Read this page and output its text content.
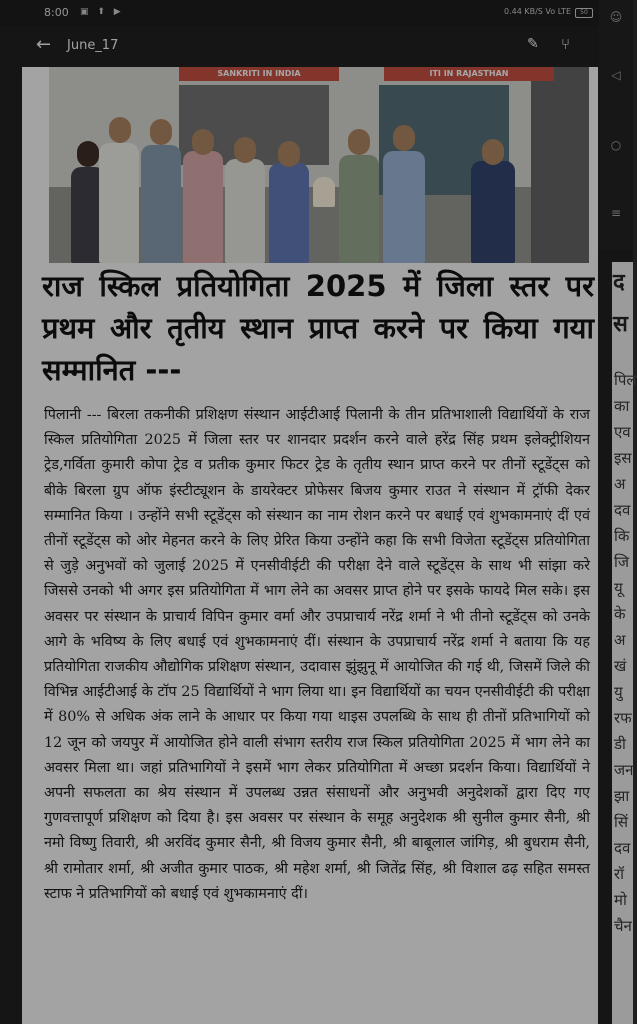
8:00 ▣ ⬆ ▶	0.44 KB/S Vo LTE	50
← June_17	✎ ⑂
☺
◁
○
≡
SANKRITI IN INDIA	ITI IN RAJASTHAN
राज स्किल प्रतियोगिता 2025 में जिला स्तर पर प्रथम और तृतीय स्थान प्राप्त करने पर किया गया सम्मानित ---

पिलानी --- बिरला तकनीकी प्रशिक्षण संस्थान आईटीआई पिलानी के तीन प्रतिभाशाली विद्यार्थियों के राज स्किल प्रतियोगिता 2025 में जिला स्तर पर शानदार प्रदर्शन करने वाले हरेंद्र सिंह प्रथम इलेक्ट्रीशियन ट्रेड,गर्विता कुमारी कोपा ट्रेड व प्रतीक कुमार फिटर ट्रेड के तृतीय स्थान प्राप्त करने पर तीनों स्टूडेंट्स को बीके बिरला ग्रुप ऑफ इंस्टीट्यूशन के डायरेक्टर प्रोफेसर बिजय कुमार राउत ने संस्थान में ट्रॉफी देकर सम्मानित किया । उन्होंने सभी स्टूडेंट्स को संस्थान का नाम रोशन करने पर बधाई एवं शुभकामनाएं दीं एवं तीनों स्टूडेंट्स को ओर मेहनत करने के लिए प्रेरित किया उन्होंने कहा कि सभी विजेता स्टूडेंट्स प्रतियोगिता से जुड़े अनुभवों को जुलाई 2025 में एनसीवीईटी की परीक्षा देने वाले स्टूडेंट्स के साथ भी सांझा करे जिससे उनको भी अगर इस प्रतियोगिता में भाग लेने का अवसर प्राप्त होने पर इसके फायदे मिल सके। इस अवसर पर संस्थान के प्राचार्य विपिन कुमार वर्मा और उपप्राचार्य नरेंद्र शर्मा ने भी तीनो स्टूडेंट्स को उनके आगे के भविष्य के लिए बधाई एवं शुभकामनाएं दीं। संस्थान के उपप्राचार्य नरेंद्र शर्मा ने बताया कि यह प्रतियोगिता राजकीय औद्योगिक प्रशिक्षण संस्थान, उदावास झुंझुनू में आयोजित की गई थी, जिसमें जिले की विभिन्न आईटीआई के टॉप 25 विद्यार्थियों ने भाग लिया था। इन विद्यार्थियों का चयन एनसीवीईटी की परीक्षा में 80% से अधिक अंक लाने के आधार पर किया गया थाइस उपलब्धि के साथ ही तीनों प्रतिभागियों को 12 जून को जयपुर में आयोजित होने वाली संभाग स्तरीय राज स्किल प्रतियोगिता 2025 में भाग लेने का अवसर मिला था। जहां प्रतिभागियों ने इसमें भाग लेकर प्रतियोगिता में अच्छा प्रदर्शन किया। विद्यार्थियों ने अपनी सफलता का श्रेय संस्थान में उपलब्ध उन्नत संसाधनों और अनुभवी अनुदेशकों द्वारा दिए गए गुणवत्तापूर्ण प्रशिक्षण को दिया है। इस अवसर पर संस्थान के समूह अनुदेशक श्री सुनील कुमार सैनी, श्री नमो विष्णु तिवारी, श्री अरविंद कुमार सैनी, श्री विजय कुमार सैनी, श्री बाबूलाल जांगिड़, श्री बुधराम सैनी, श्री रामोतार शर्मा, श्री अजीत कुमार पाठक, श्री महेश शर्मा, श्री जितेंद्र सिंह, श्री विशाल ढढ़ सहित समस्त स्टाफ ने प्रतिभागियों को बधाई एवं शुभकामनाएं दीं।

द
स
पिल
का
एव
इस
अ
दव
कि
जि
यू
के
अ
खं
यु
रफ
डी
जन
झा
सिं
दव
रॉ
मो
चैन
